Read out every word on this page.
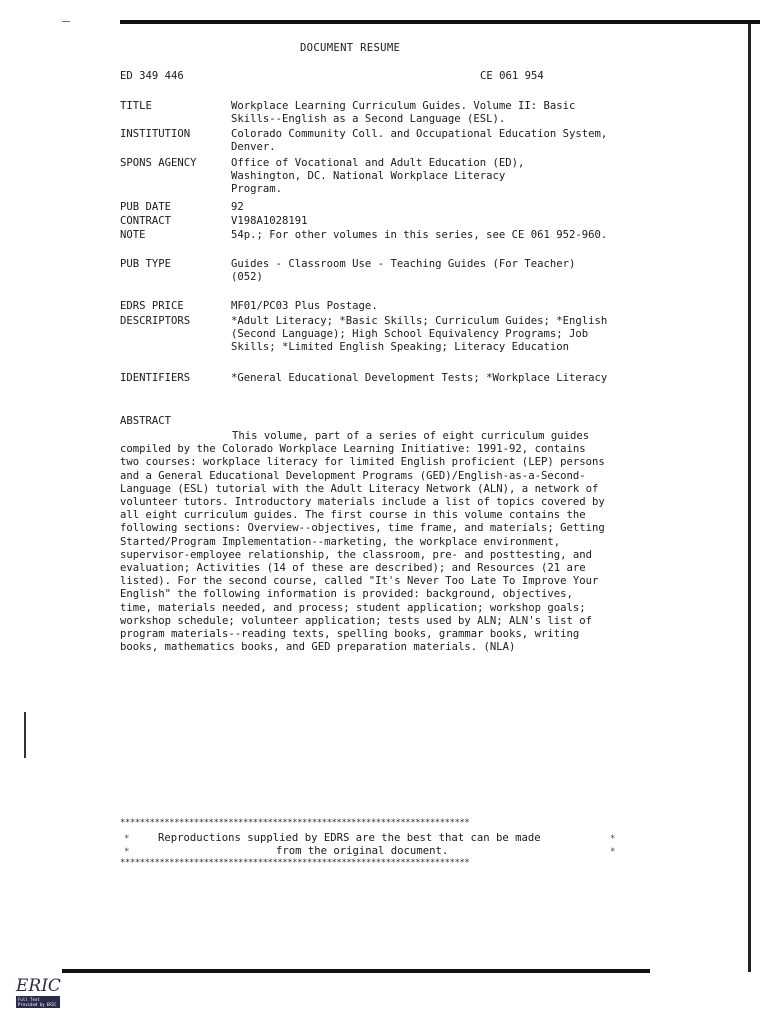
DOCUMENT RESUME
ED 349 446	CE 061 954
TITLE	Workplace Learning Curriculum Guides. Volume II: Basic Skills--English as a Second Language (ESL).
INSTITUTION	Colorado Community Coll. and Occupational Education System, Denver.
SPONS AGENCY	Office of Vocational and Adult Education (ED), Washington, DC. National Workplace Literacy Program.
PUB DATE	92
CONTRACT	V198A1028191
NOTE	54p.; For other volumes in this series, see CE 061 952-960.
PUB TYPE	Guides - Classroom Use - Teaching Guides (For Teacher) (052)
EDRS PRICE	MF01/PC03 Plus Postage.
DESCRIPTORS	*Adult Literacy; *Basic Skills; Curriculum Guides; *English (Second Language); High School Equivalency Programs; Job Skills; *Limited English Speaking; Literacy Education
IDENTIFIERS	*General Educational Development Tests; *Workplace Literacy
ABSTRACT
This volume, part of a series of eight curriculum guides compiled by the Colorado Workplace Learning Initiative: 1991-92, contains two courses: workplace literacy for limited English proficient (LEP) persons and a General Educational Development Programs (GED)/English-as-a-Second-Language (ESL) tutorial with the Adult Literacy Network (ALN), a network of volunteer tutors. Introductory materials include a list of topics covered by all eight curriculum guides. The first course in this volume contains the following sections: Overview--objectives, time frame, and materials; Getting Started/Program Implementation--marketing, the workplace environment, supervisor-employee relationship, the classroom, pre- and posttesting, and evaluation; Activities (14 of these are described); and Resources (21 are listed). For the second course, called "It's Never Too Late To Improve Your English" the following information is provided: background, objectives, time, materials needed, and process; student application; workshop goals; workshop schedule; volunteer application; tests used by ALN; ALN's list of program materials--reading texts, spelling books, grammar books, writing books, mathematics books, and GED preparation materials. (NLA)
***********************************************************************
*	*
Reproductions supplied by EDRS are the best that can be made
*	*
from the original document.
***********************************************************************
ERIC
Full Text Provided by ERIC
